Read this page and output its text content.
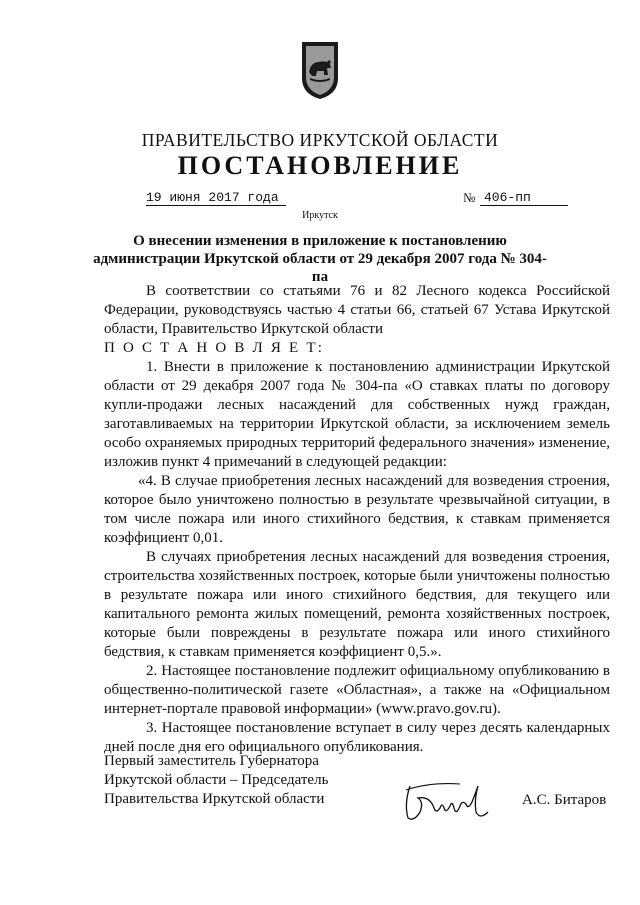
ПРАВИТЕЛЬСТВО ИРКУТСКОЙ ОБЛАСТИ
ПОСТАНОВЛЕНИЕ
19 июня 2017 года	№ 406-пп
Иркутск
О внесении изменения в приложение к постановлению
администрации Иркутской области от 29 декабря 2007 года № 304-па

В соответствии со статьями 76 и 82 Лесного кодекса Российской Федерации, руководствуясь частью 4 статьи 66, статьей 67 Устава Иркутской области, Правительство Иркутской области

П О С Т А Н О В Л Я Е Т:

1. Внести в приложение к постановлению администрации Иркутской области от 29 декабря 2007 года № 304-па «О ставках платы по договору купли-продажи лесных насаждений для собственных нужд граждан, заготавливаемых на территории Иркутской области, за исключением земель особо охраняемых природных территорий федерального значения» изменение, изложив пункт 4 примечаний в следующей редакции:

«4. В случае приобретения лесных насаждений для возведения строения, которое было уничтожено полностью в результате чрезвычайной ситуации, в том числе пожара или иного стихийного бедствия, к ставкам применяется коэффициент 0,01.

В случаях приобретения лесных насаждений для возведения строения, строительства хозяйственных построек, которые были уничтожены полностью в результате пожара или иного стихийного бедствия, для текущего или капитального ремонта жилых помещений, ремонта хозяйственных построек, которые были повреждены в результате пожара или иного стихийного бедствия, к ставкам применяется коэффициент 0,5.».

2. Настоящее постановление подлежит официальному опубликованию в общественно-политической газете «Областная», а также на «Официальном интернет-портале правовой информации» (www.pravo.gov.ru).

3. Настоящее постановление вступает в силу через десять календарных дней после дня его официального опубликования.

Первый заместитель Губернатора
Иркутской области – Председатель
Правительства Иркутской области	А.С. Битаров
